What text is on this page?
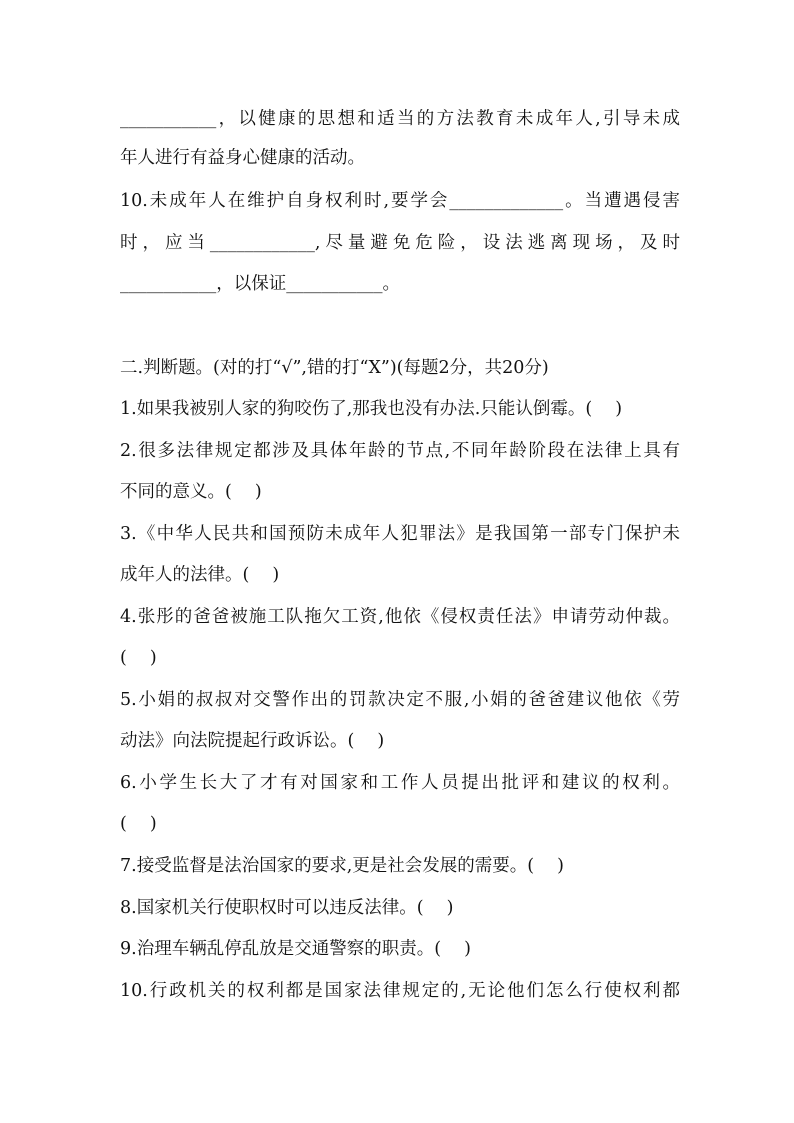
___________，以健康的思想和适当的方法教育未成年人,引导未成
年人进行有益身心健康的活动。
10.未成年人在维护自身权利时,要学会_____________。当遭遇侵害
时，应当____________,尽量避免危险，设法逃离现场，及时
___________，以保证___________。
二.判断题。(对的打“√”,错的打“X”)(每题2分，共20分)
1.如果我被别人家的狗咬伤了,那我也没有办法.只能认倒霉。(　 )
2.很多法律规定都涉及具体年龄的节点,不同年龄阶段在法律上具有
不同的意义。(　 )
3.《中华人民共和国预防未成年人犯罪法》是我国第一部专门保护未
成年人的法律。(　 )
4.张彤的爸爸被施工队拖欠工资,他依《侵权责任法》申请劳动仲裁。
(　 )
5.小娟的叔叔对交警作出的罚款决定不服,小娟的爸爸建议他依《劳
动法》向法院提起行政诉讼。(　 )
6.小学生长大了才有对国家和工作人员提出批评和建议的权利。
(　 )
7.接受监督是法治国家的要求,更是社会发展的需要。(　 )
8.国家机关行使职权时可以违反法律。(　 )
9.治理车辆乱停乱放是交通警察的职责。(　 )
10.行政机关的权利都是国家法律规定的,无论他们怎么行使权利都
